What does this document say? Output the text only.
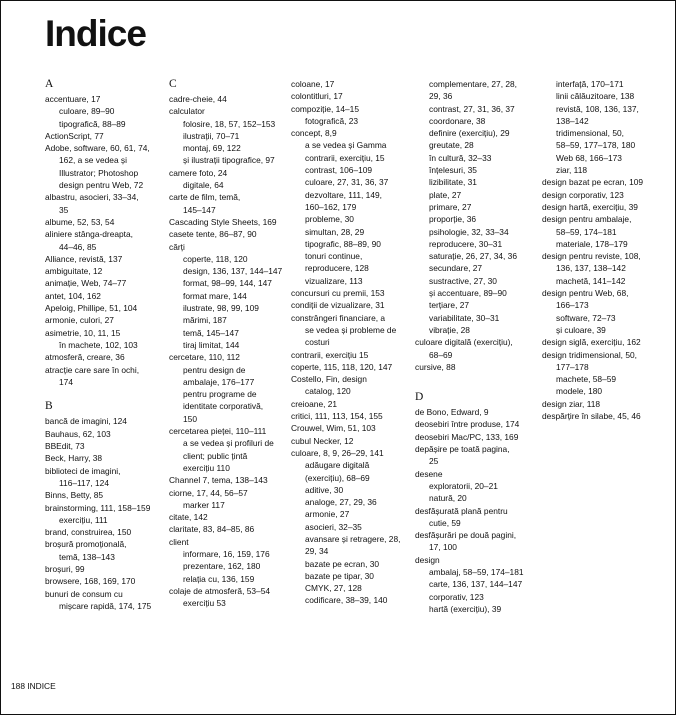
Indice
A
accentuare, 17
culoare, 89–90
tipografică, 88–89
ActionScript, 77
Adobe, software, 60, 61, 74,
162, a se vedea și
Illustrator; Photoshop
design pentru Web, 72
albastru, asocieri, 33–34,
35
albume, 52, 53, 54
aliniere stânga-dreapta,
44–46, 85
Alliance, revistă, 137
ambiguitate, 12
animație, Web, 74–77
antet, 104, 162
Apeloig, Phillipe, 51, 104
armonie, culori, 27
asimetrie, 10, 11, 15
în machete, 102, 103
atmosferă, creare, 36
atracție care sare în ochi,
174
B
bancă de imagini, 124
Bauhaus, 62, 103
BBEdit, 73
Beck, Harry, 38
biblioteci de imagini,
116–117, 124
Binns, Betty, 85
brainstorming, 111, 158–159
exercițiu, 111
brand, construirea, 150
broșură promoțională,
temă, 138–143
broșuri, 99
browsere, 168, 169, 170
bunuri de consum cu
mișcare rapidă, 174, 175
C
cadre-cheie, 44
calculator
folosire, 18, 57, 152–153
ilustrații, 70–71
montaj, 69, 122
și ilustrații tipografice, 97
camere foto, 24
digitale, 64
carte de film, temă,
145–147
Cascading Style Sheets, 169
casete tente, 86–87, 90
cărți
coperte, 118, 120
design, 136, 137, 144–147
format, 98–99, 144, 147
format mare, 144
ilustrate, 98, 99, 109
mărimi, 187
temă, 145–147
tiraj limitat, 144
cercetare, 110, 112
pentru design de
ambalaje, 176–177
pentru programe de
identitate corporativă,
150
cercetarea pieței, 110–111
a se vedea și profiluri de
client; public țintă
exercițiu 110
Channel 7, tema, 138–143
ciorne, 17, 44, 56–57
marker 117
citate, 142
claritate, 83, 84–85, 86
client
informare, 16, 159, 176
prezentare, 162, 180
relația cu, 136, 159
colaje de atmosferă, 53–54
exercițiu 53
coloane, 17
colontitluri, 17
compoziție, 14–15
fotografică, 23
concept, 8,9
a se vedea și Gamma
contrarii, exercițiu, 15
contrast, 106–109
culoare, 27, 31, 36, 37
dezvoltare, 111, 149,
160–162, 179
probleme, 30
simultan, 28, 29
tipografic, 88–89, 90
tonuri continue,
reproducere, 128
vizualizare, 113
concursuri cu premii, 153
condiții de vizualizare, 31
constrângeri financiare, a
se vedea și probleme de
costuri
contrarii, exercițiu 15
coperte, 115, 118, 120, 147
Costello, Fin, design
catalog, 120
creioane, 21
critici, 111, 113, 154, 155
Crouwel, Wim, 51, 103
cubul Necker, 12
culoare, 8, 9, 26–29, 141
adăugare digitală
(exercițiu), 68–69
aditive, 30
analoge, 27, 29, 36
armonie, 27
asocieri, 32–35
avansare și retragere, 28,
29, 34
bazate pe ecran, 30
bazate pe tipar, 30
CMYK, 27, 128
codificare, 38–39, 140
complementare, 27, 28,
29, 36
contrast, 27, 31, 36, 37
coordonare, 38
definire (exercițiu), 29
greutate, 28
în cultură, 32–33
înțelesuri, 35
lizibilitate, 31
plate, 27
primare, 27
proporție, 36
psihologie, 32, 33–34
reproducere, 30–31
saturație, 26, 27, 34, 36
secundare, 27
sustractive, 27, 30
și accentuare, 89–90
terțiare, 27
variabilitate, 30–31
vibrație, 28
culoare digitală (exercițiu),
68–69
cursive, 88
D
de Bono, Edward, 9
deosebiri între produse, 174
deosebiri Mac/PC, 133, 169
depășire pe toată pagina,
25
desene
exploratorii, 20–21
natură, 20
desfășurată plană pentru
cutie, 59
desfășurări pe două pagini,
17, 100
design
ambalaj, 58–59, 174–181
carte, 136, 137, 144–147
corporativ, 123
hartă (exercițiu), 39
interfață, 170–171
linii călăuzitoare, 138
revistă, 108, 136, 137,
138–142
tridimensional, 50,
58–59, 177–178, 180
Web 68, 166–173
ziar, 118
design bazat pe ecran, 109
design corporativ, 123
design hartă, exercițiu, 39
design pentru ambalaje,
58–59, 174–181
materiale, 178–179
design pentru reviste, 108,
136, 137, 138–142
machetă, 141–142
design pentru Web, 68,
166–173
software, 72–73
și culoare, 39
design siglă, exercițiu, 162
design tridimensional, 50,
177–178
machete, 58–59
modele, 180
design ziar, 118
despărțire în silabe, 45, 46
188 INDICE
